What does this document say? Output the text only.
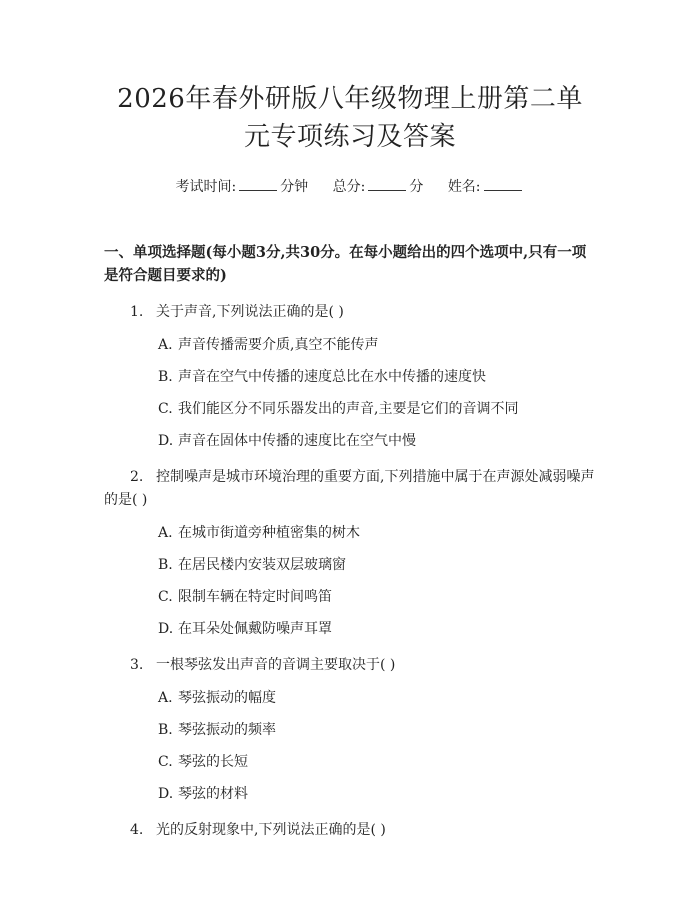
2026年春外研版八年级物理上册第二单元专项练习及答案
考试时间:	分钟 总分:	分 姓名:
一、单项选择题(每小题3分,共30分。在每小题给出的四个选项中,只有一项是符合题目要求的)
1. 关于声音,下列说法正确的是( )
A. 声音传播需要介质,真空不能传声
B. 声音在空气中传播的速度总比在水中传播的速度快
C. 我们能区分不同乐器发出的声音,主要是它们的音调不同
D. 声音在固体中传播的速度比在空气中慢
2. 控制噪声是城市环境治理的重要方面,下列措施中属于在声源处减弱噪声的是( )
A. 在城市街道旁种植密集的树木
B. 在居民楼内安装双层玻璃窗
C. 限制车辆在特定时间鸣笛
D. 在耳朵处佩戴防噪声耳罩
3. 一根琴弦发出声音的音调主要取决于( )
A. 琴弦振动的幅度
B. 琴弦振动的频率
C. 琴弦的长短
D. 琴弦的材料
4. 光的反射现象中,下列说法正确的是( )
